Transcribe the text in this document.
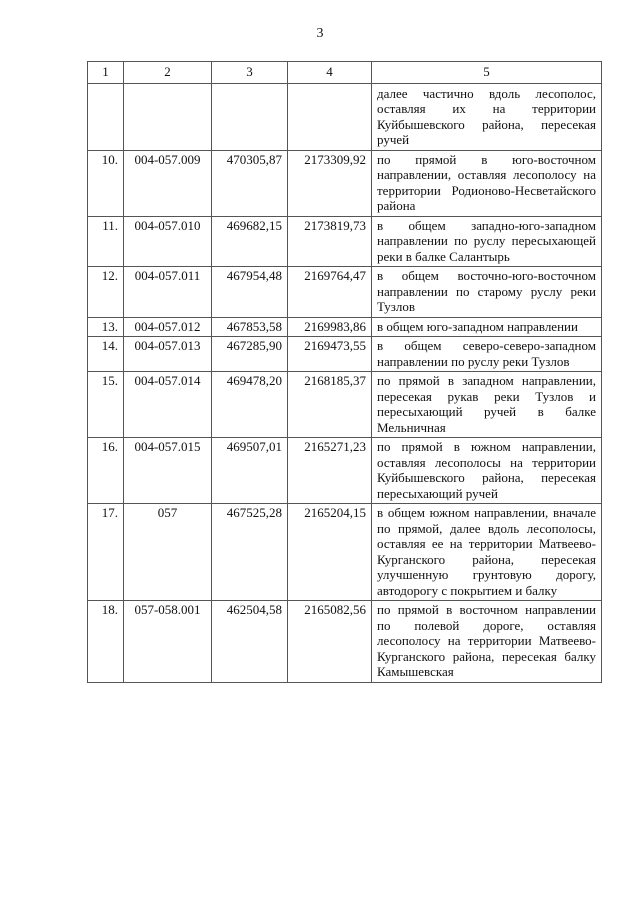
3
1	2	3	4	5
				далее частично вдоль лесополос, оставляя их на территории Куйбышевского района, пересекая ручей
10.	004-057.009	470305,87	2173309,92	по прямой в юго-восточном направлении, оставляя лесополосу на территории Родионово-Несветайского района
11.	004-057.010	469682,15	2173819,73	в общем западно-юго-западном направлении по руслу пересыхающей реки в балке Салантырь
12.	004-057.011	467954,48	2169764,47	в общем восточно-юго-восточном направлении по старому руслу реки Тузлов
13.	004-057.012	467853,58	2169983,86	в общем юго-западном направлении
14.	004-057.013	467285,90	2169473,55	в общем северо-северо-западном направлении по руслу реки Тузлов
15.	004-057.014	469478,20	2168185,37	по прямой в западном направлении, пересекая рукав реки Тузлов и пересыхающий ручей в балке Мельничная
16.	004-057.015	469507,01	2165271,23	по прямой в южном направлении, оставляя лесополосы на территории Куйбышевского района, пересекая пересыхающий ручей
17.	057	467525,28	2165204,15	в общем южном направлении, вначале по прямой, далее вдоль лесополосы, оставляя ее на территории Матвеево-Курганского района, пересекая улучшенную грунтовую дорогу, автодорогу с покрытием и балку
18.	057-058.001	462504,58	2165082,56	по прямой в восточном направлении по полевой дороге, оставляя лесополосу на территории Матвеево-Курганского района, пересекая балку Камышевская
